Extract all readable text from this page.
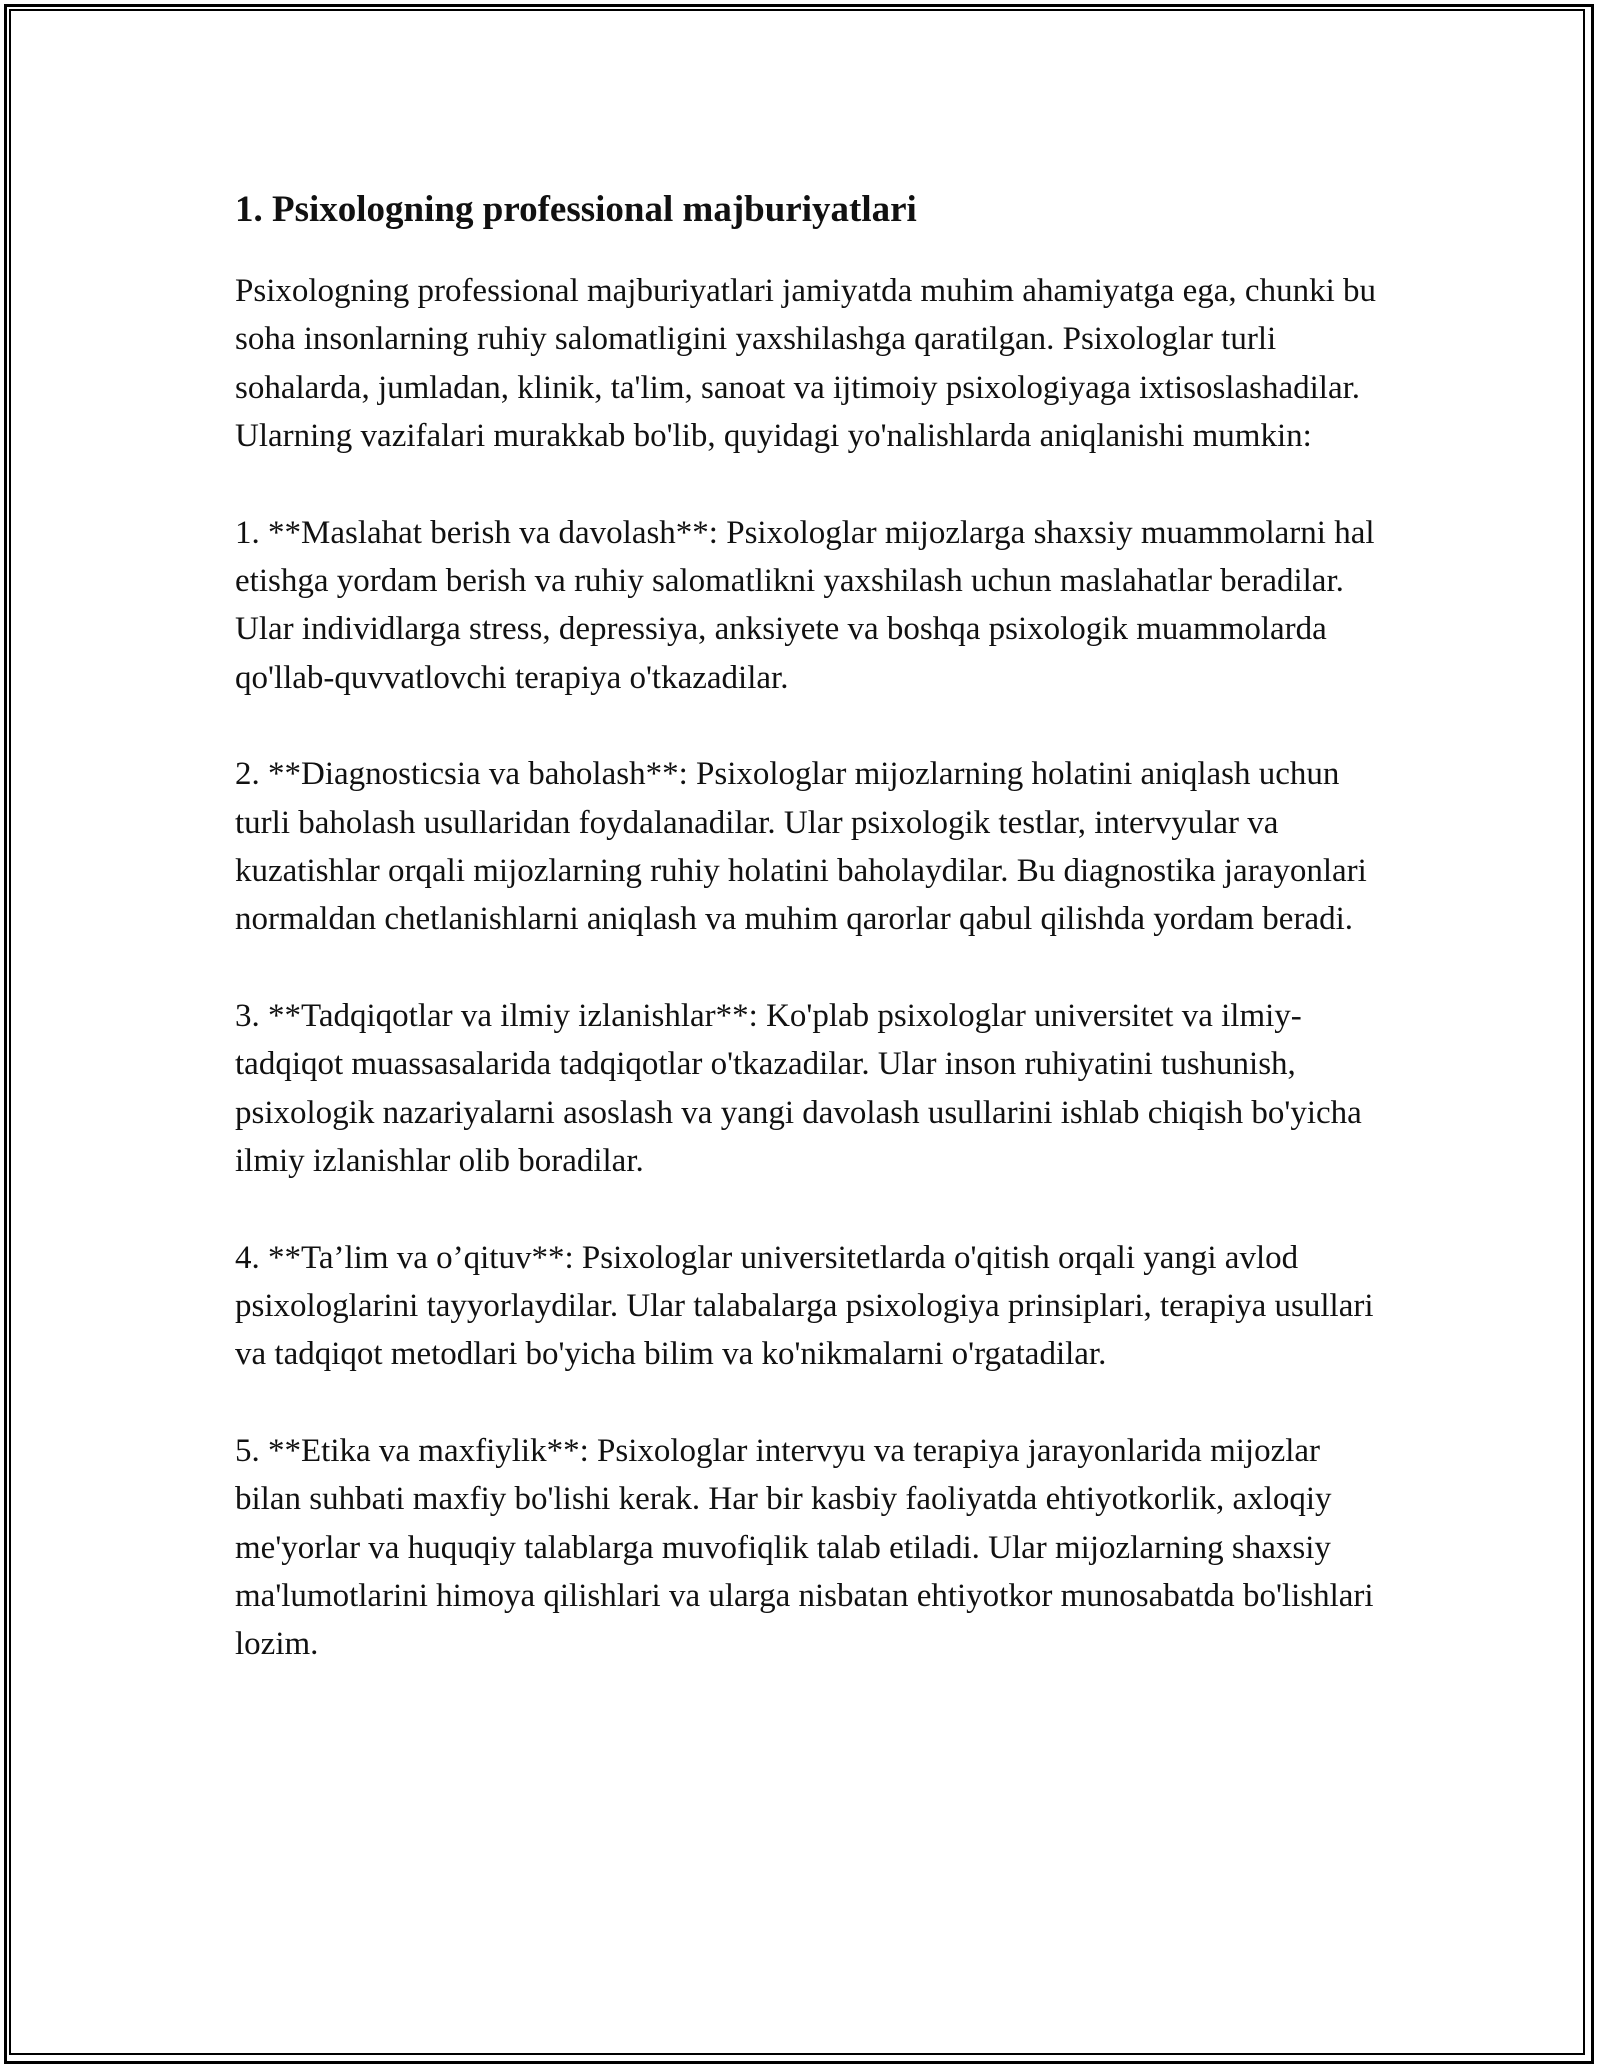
1. Psixologning professional majburiyatlari

Psixologning professional majburiyatlari jamiyatda muhim ahamiyatga ega, chunki bu soha insonlarning ruhiy salomatligini yaxshilashga qaratilgan. Psixologlar turli sohalarda, jumladan, klinik, ta'lim, sanoat va ijtimoiy psixologiyaga ixtisoslashadilar. Ularning vazifalari murakkab bo'lib, quyidagi yo'nalishlarda aniqlanishi mumkin:

1. **Maslahat berish va davolash**: Psixologlar mijozlarga shaxsiy muammolarni hal etishga yordam berish va ruhiy salomatlikni yaxshilash uchun maslahatlar beradilar. Ular individlarga stress, depressiya, anksiyete va boshqa psixologik muammolarda qo'llab-quvvatlovchi terapiya o'tkazadilar.

2. **Diagnosticsia va baholash**: Psixologlar mijozlarning holatini aniqlash uchun turli baholash usullaridan foydalanadilar. Ular psixologik testlar, intervyular va kuzatishlar orqali mijozlarning ruhiy holatini baholaydilar. Bu diagnostika jarayonlari normaldan chetlanishlarni aniqlash va muhim qarorlar qabul qilishda yordam beradi.

3. **Tadqiqotlar va ilmiy izlanishlar**: Ko'plab psixologlar universitet va ilmiy-tadqiqot muassasalarida tadqiqotlar o'tkazadilar. Ular inson ruhiyatini tushunish, psixologik nazariyalarni asoslash va yangi davolash usullarini ishlab chiqish bo'yicha ilmiy izlanishlar olib boradilar.

4. **Ta’lim va o’qituv**: Psixologlar universitetlarda o'qitish orqali yangi avlod psixologlarini tayyorlaydilar. Ular talabalarga psixologiya prinsiplari, terapiya usullari va tadqiqot metodlari bo'yicha bilim va ko'nikmalarni o'rgatadilar.

5. **Etika va maxfiylik**: Psixologlar intervyu va terapiya jarayonlarida mijozlar bilan suhbati maxfiy bo'lishi kerak. Har bir kasbiy faoliyatda ehtiyotkorlik, axloqiy me'yorlar va huquqiy talablarga muvofiqlik talab etiladi. Ular mijozlarning shaxsiy ma'lumotlarini himoya qilishlari va ularga nisbatan ehtiyotkor munosabatda bo'lishlari lozim.
